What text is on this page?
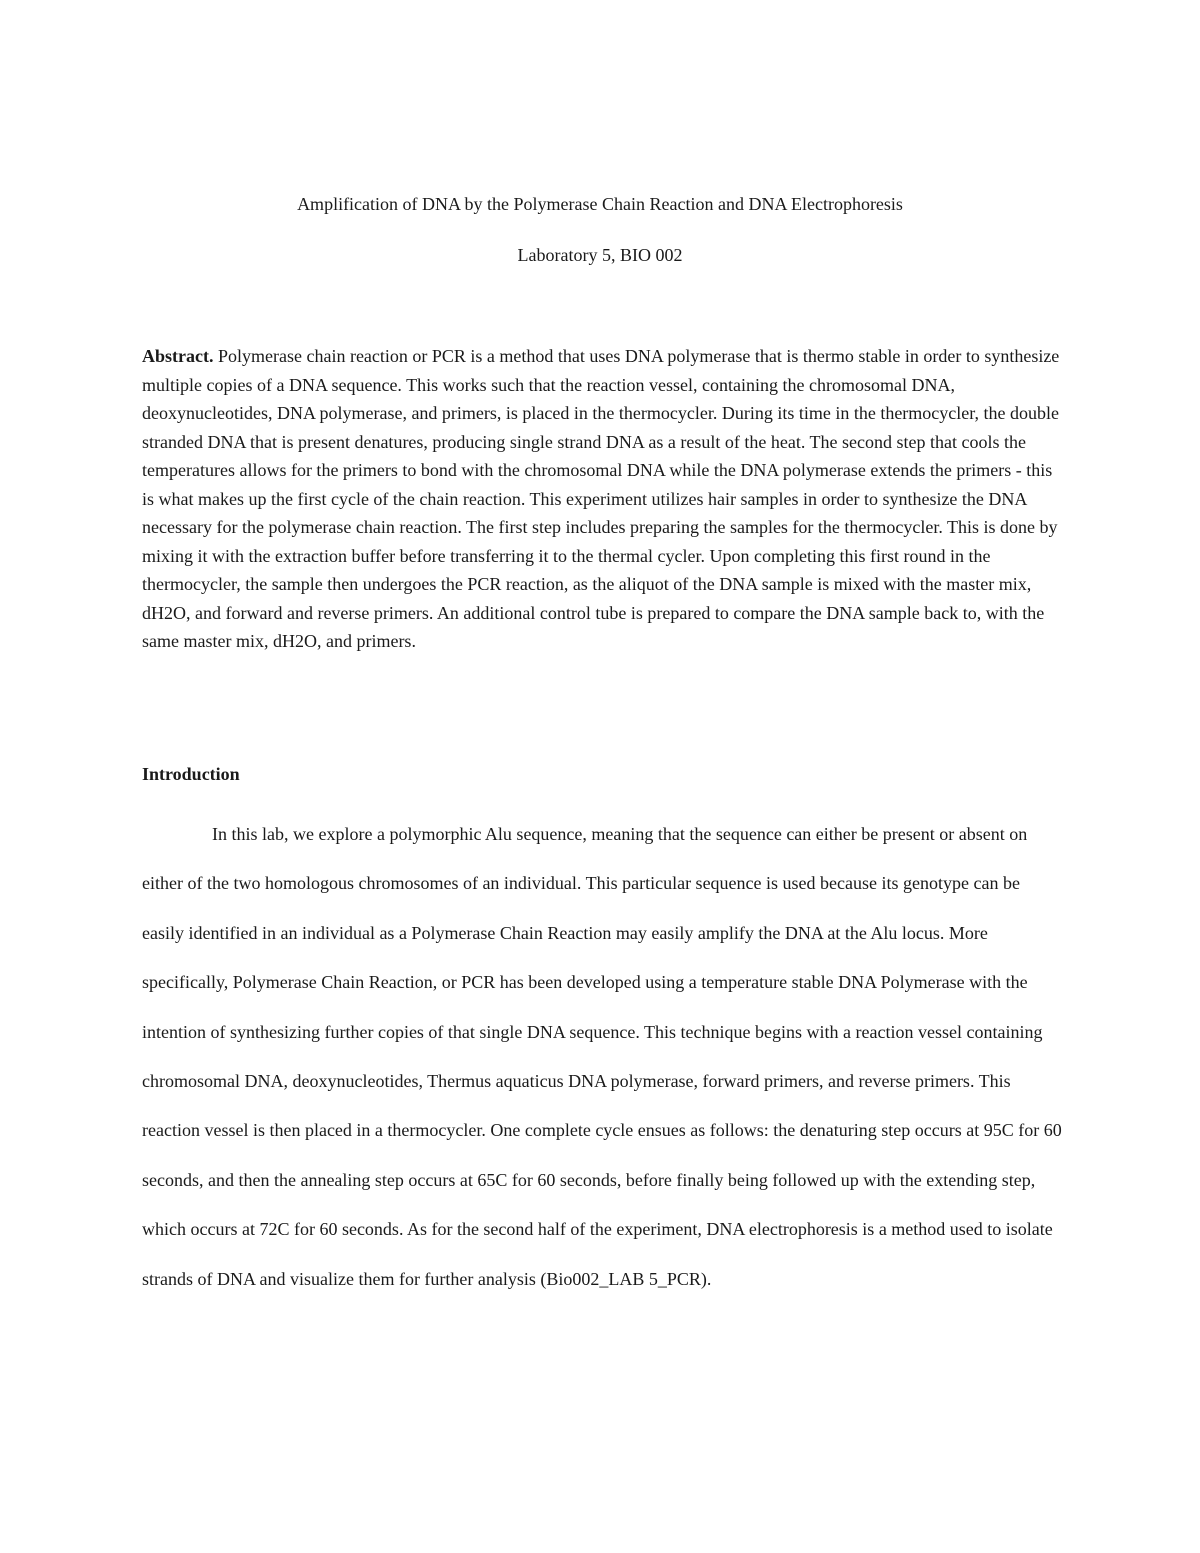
Amplification of DNA by the Polymerase Chain Reaction and DNA Electrophoresis

Laboratory 5, BIO 002

Abstract. Polymerase chain reaction or PCR is a method that uses DNA polymerase that is thermo stable in order to synthesize multiple copies of a DNA sequence. This works such that the reaction vessel, containing the chromosomal DNA, deoxynucleotides, DNA polymerase, and primers, is placed in the thermocycler. During its time in the thermocycler, the double stranded DNA that is present denatures, producing single strand DNA as a result of the heat. The second step that cools the temperatures allows for the primers to bond with the chromosomal DNA while the DNA polymerase extends the primers - this is what makes up the first cycle of the chain reaction. This experiment utilizes hair samples in order to synthesize the DNA necessary for the polymerase chain reaction. The first step includes preparing the samples for the thermocycler. This is done by mixing it with the extraction buffer before transferring it to the thermal cycler. Upon completing this first round in the thermocycler, the sample then undergoes the PCR reaction, as the aliquot of the DNA sample is mixed with the master mix, dH2O, and forward and reverse primers. An additional control tube is prepared to compare the DNA sample back to, with the same master mix, dH2O, and primers.

Introduction

In this lab, we explore a polymorphic Alu sequence, meaning that the sequence can either be present or absent on either of the two homologous chromosomes of an individual. This particular sequence is used because its genotype can be easily identified in an individual as a Polymerase Chain Reaction may easily amplify the DNA at the Alu locus. More specifically, Polymerase Chain Reaction, or PCR has been developed using a temperature stable DNA Polymerase with the intention of synthesizing further copies of that single DNA sequence. This technique begins with a reaction vessel containing chromosomal DNA, deoxynucleotides, Thermus aquaticus DNA polymerase, forward primers, and reverse primers. This reaction vessel is then placed in a thermocycler. One complete cycle ensues as follows: the denaturing step occurs at 95C for 60 seconds, and then the annealing step occurs at 65C for 60 seconds, before finally being followed up with the extending step, which occurs at 72C for 60 seconds. As for the second half of the experiment, DNA electrophoresis is a method used to isolate strands of DNA and visualize them for further analysis (Bio002_LAB 5_PCR).
